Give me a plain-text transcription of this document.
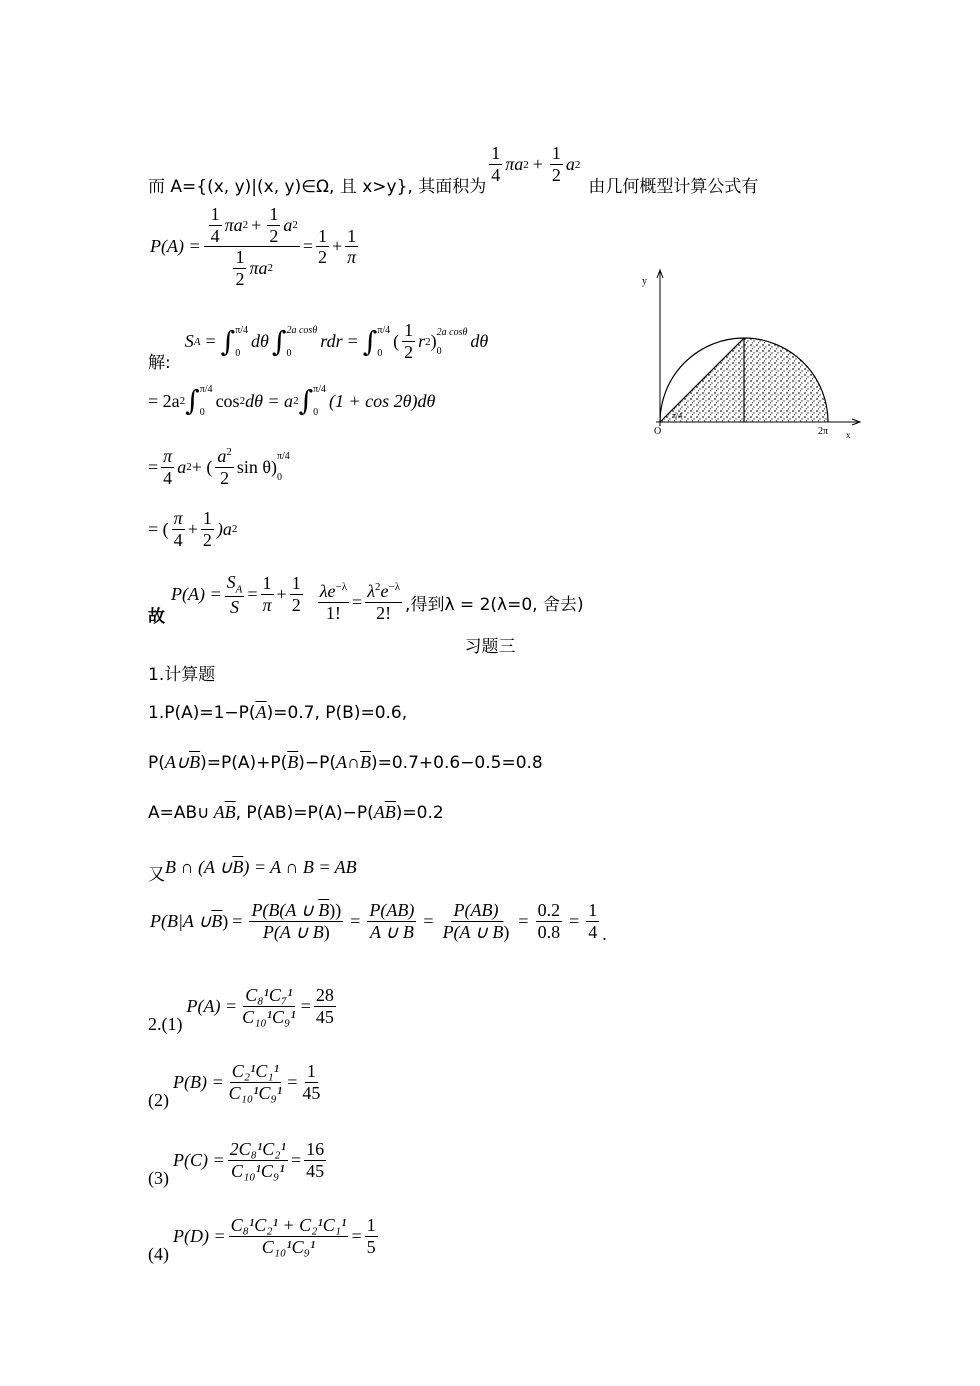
而 A={(x, y)|(x, y)∈Ω, 且 x>y}, 其面积为
$\frac{1}{4}$ πa $2 + \frac{1}{2}$ a 2
由几何概型计算公式有
$P(A) = \frac{\frac{1}{4} \pi a 2 + \frac{1}{2} a 2}{\frac{1}{2} \pi a 2} = \frac{1}{2} + \frac{1}{\pi}$
解:
S A = ∫ π/4
0
dθ ∫ 2a cosθ
0
rdr = ∫ π/4
0
( $\frac{1}{2}$ r 2 ) 2a cosθ
0	dθ
= 2a 2 ∫ π/4
0
cos 2 dθ = a 2 ∫ π/4
0
(1 + cos 2θ)dθ
= $\frac{\pi}{4}$ a 2 + ( $\frac{a^2}{2}$ sin θ) π/4
0
= ( $\frac{\pi}{4} + \frac{1}{2} )a$ 2
故
$P(A) = \frac{S_A}{S} = \frac{1}{\pi} + \frac{1}{2} \frac{\lambda e^{-\lambda}}{1!} = \frac{\lambda^2e^{-\lambda}}{2!}$ ,得到λ = 2(λ=0, 舍去)
习题三
1.计算题
1.P(A)=1−P( $\overline{A}$ )=0.7, P(B)=0.6,
P( A∪ $\overline{B}$ )=P(A)+P( $\overline{B}$ )−P( A∩ $\overline{B}$ )=0.7+0.6−0.5=0.8
A=AB∪ A $\overline{B}$ , P(AB)=P(A)−P( A $\overline{B}$ )=0.2
又 B ∩ (A ∪ $\overline{B}$ ) = A ∩ B = AB
P(B|A ∪ $\overline{B}$ ) = $\frac{P(B(A \cup \overline{B}))}{P(A \cup \overline{B})} = \frac{P(AB)}{A \cup \overline{B}} = \frac{P(AB)}{P(A \cup \overline{B})} = \frac{0.2}{0.8} = \frac{1}{4}$ .
2.(1)
$P(A) = \frac{\text{C₈¹C₇¹}}{\text{C₁₀¹C₉¹}} = \frac{28}{45}$
(2)
$P(B) = \frac{\text{C₂¹C₁¹}}{\text{C₁₀¹C₉¹}} = \frac{1}{45}$
(3)
$P(C) = \frac{\text{2C₈¹C₂¹}}{\text{C₁₀¹C₉¹}} = \frac{16}{45}$
(4)
$P(D) = \frac{\text{C₈¹C₂¹ + C₂¹C₁¹}}{\text{C₁₀¹C₉¹}} = \frac{1}{5}$
y
x
O	2π
π/4
